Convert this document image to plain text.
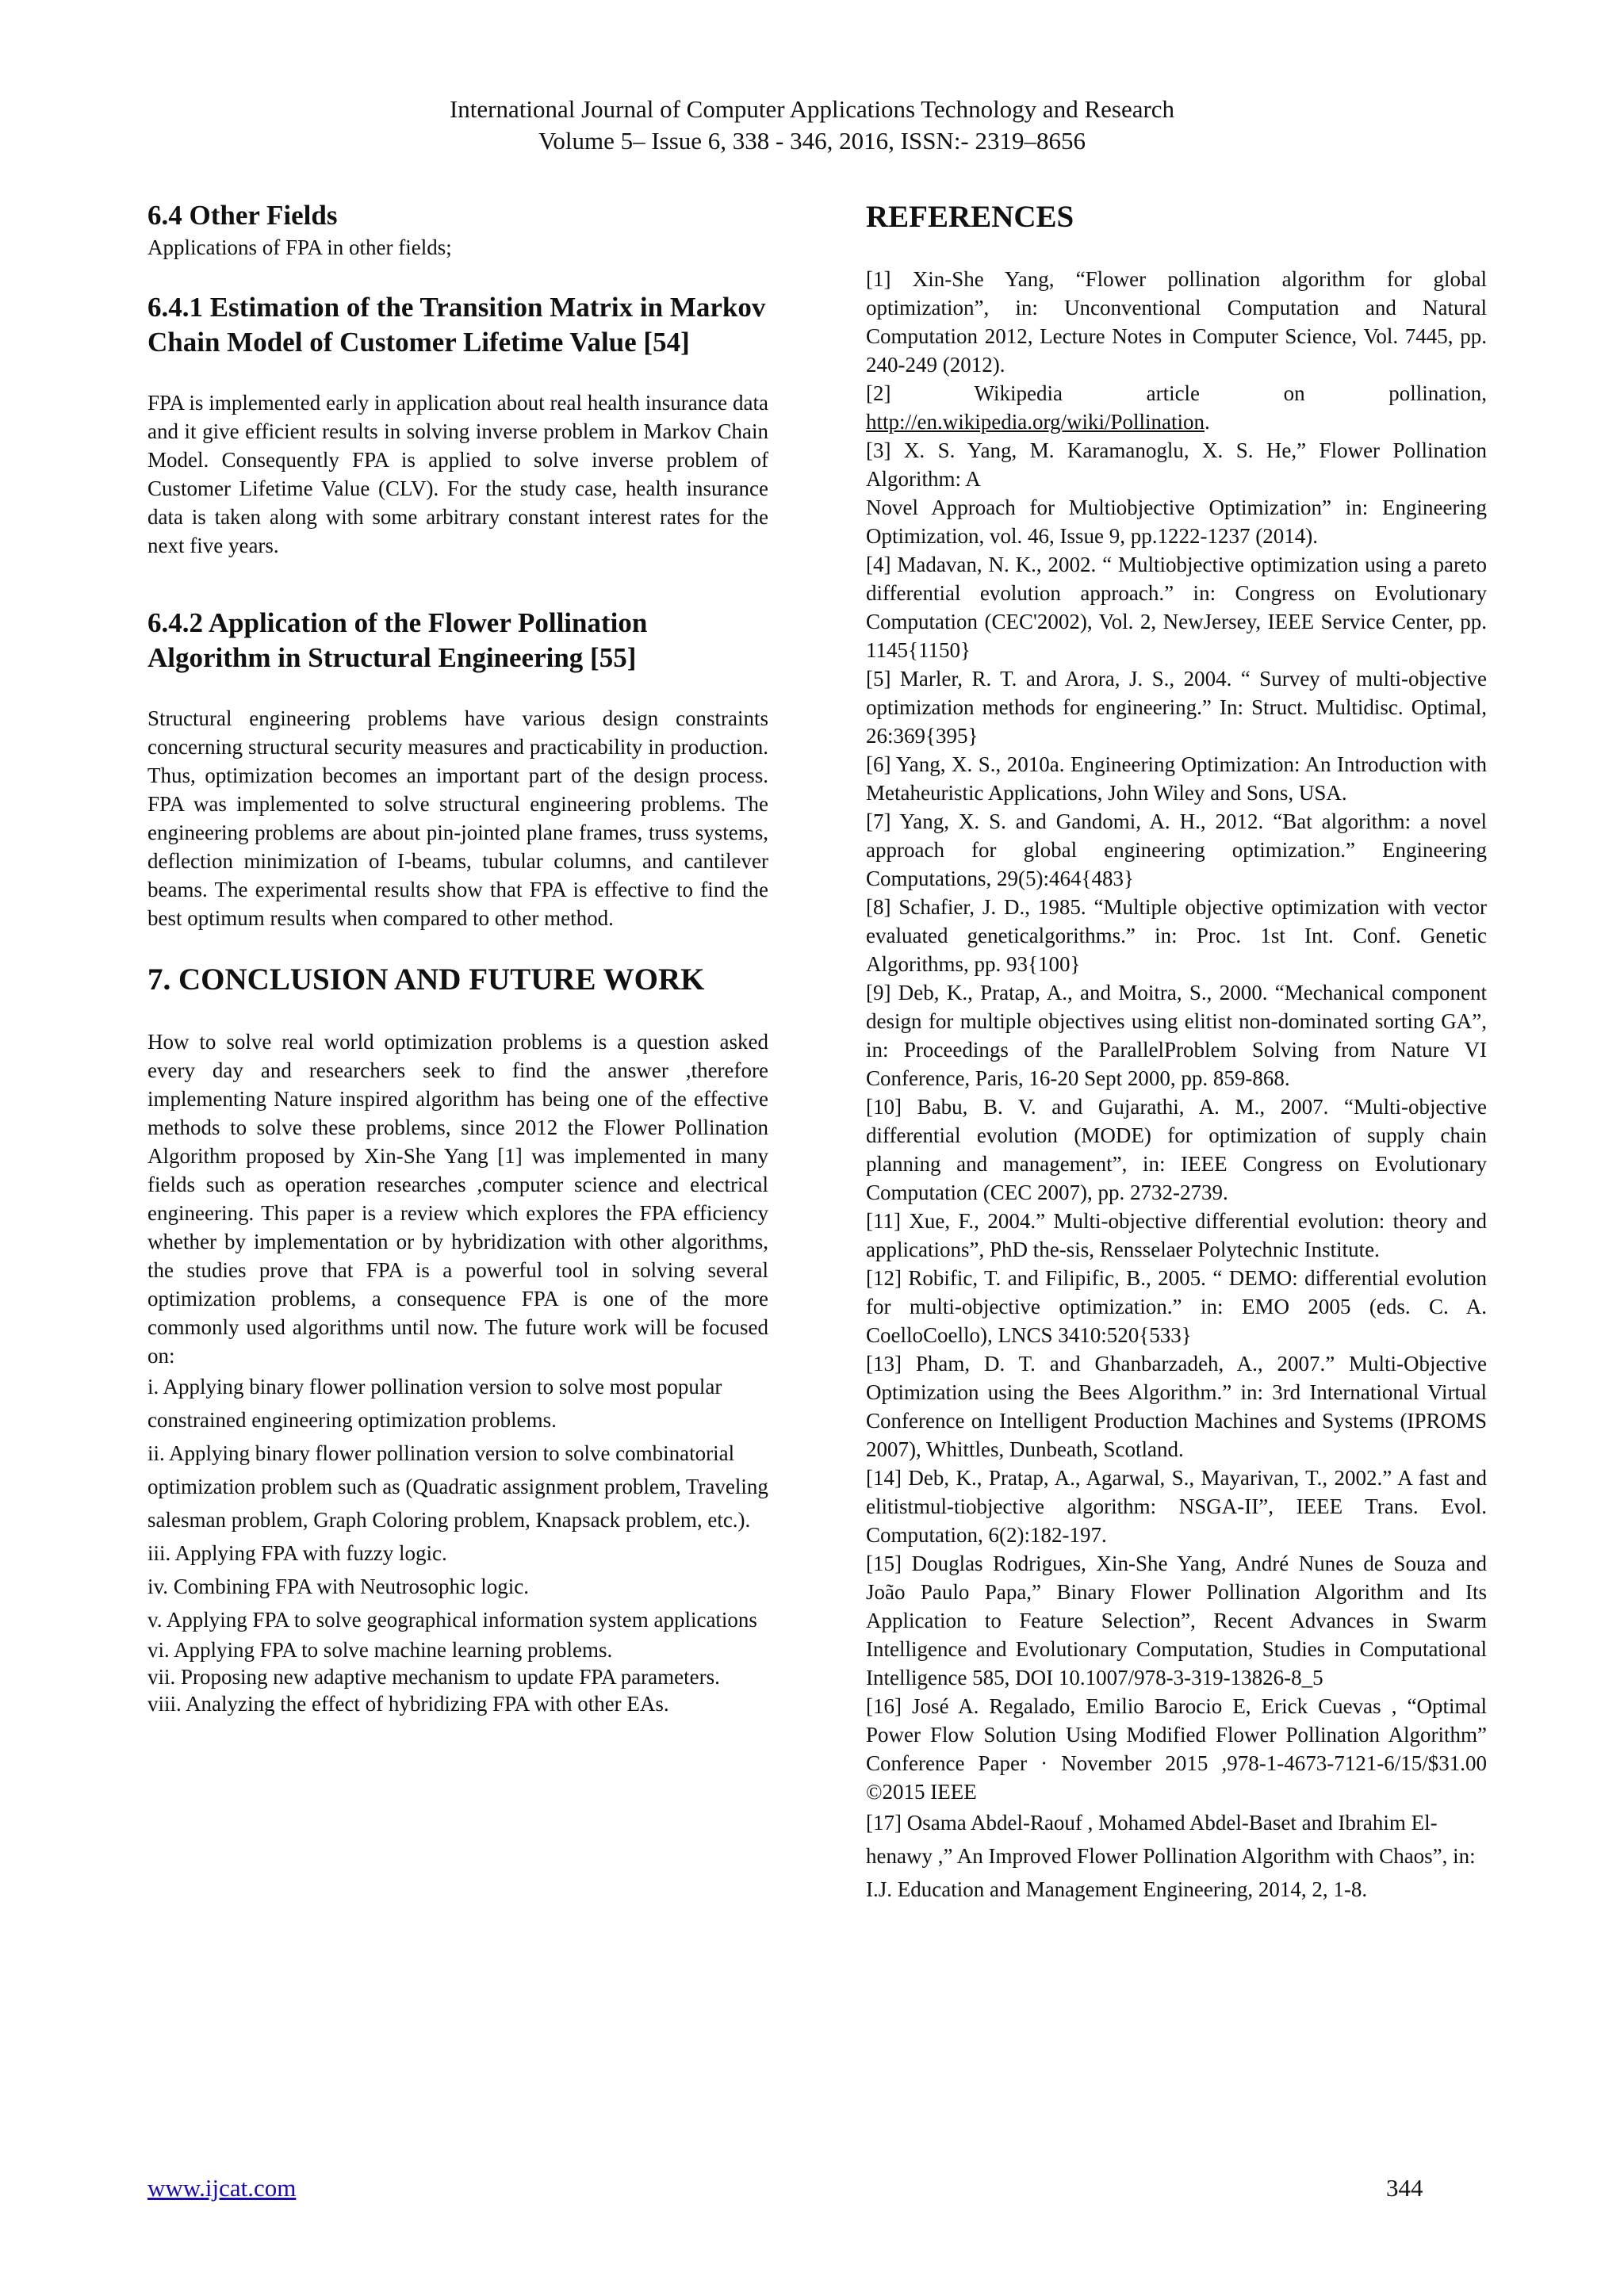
International Journal of Computer Applications Technology and Research
Volume 5– Issue 6, 338 - 346, 2016, ISSN:- 2319–8656
6.4 Other Fields

Applications of FPA in other fields;

6.4.1 Estimation of the Transition Matrix in Markov Chain Model of Customer Lifetime Value [54]

FPA is implemented early in application about real health insurance data and it give efficient results in solving inverse problem in Markov Chain Model. Consequently FPA is applied to solve inverse problem of Customer Lifetime Value (CLV). For the study case, health insurance data is taken along with some arbitrary constant interest rates for the next five years.

6.4.2 Application of the Flower Pollination Algorithm in Structural Engineering [55]

Structural engineering problems have various design constraints concerning structural security measures and practicability in production. Thus, optimization becomes an important part of the design process. FPA was implemented to solve structural engineering problems. The engineering problems are about pin-jointed plane frames, truss systems, deflection minimization of I-beams, tubular columns, and cantilever beams. The experimental results show that FPA is effective to find the best optimum results when compared to other method.

7. CONCLUSION AND FUTURE WORK

How to solve real world optimization problems is a question asked every day and researchers seek to find the answer ,therefore implementing Nature inspired algorithm has being one of the effective methods to solve these problems, since 2012 the Flower Pollination Algorithm proposed by Xin-She Yang [1] was implemented in many fields such as operation researches ,computer science and electrical engineering. This paper is a review which explores the FPA efficiency whether by implementation or by hybridization with other algorithms, the studies prove that FPA is a powerful tool in solving several optimization problems, a consequence FPA is one of the more commonly used algorithms until now. The future work will be focused on:

i. Applying binary flower pollination version to solve most popular constrained engineering optimization problems.
ii. Applying binary flower pollination version to solve combinatorial optimization problem such as (Quadratic assignment problem, Traveling salesman problem, Graph Coloring problem, Knapsack problem, etc.).
iii. Applying FPA with fuzzy logic.
iv. Combining FPA with Neutrosophic logic.
v. Applying FPA to solve geographical information system applications
vi. Applying FPA to solve machine learning problems.
vii. Proposing new adaptive mechanism to update FPA parameters.
viii. Analyzing the effect of hybridizing FPA with other EAs.
REFERENCES
[1] Xin-She Yang, “Flower pollination algorithm for global optimization”, in: Unconventional Computation and Natural Computation 2012, Lecture Notes in Computer Science, Vol. 7445, pp. 240-249 (2012).
[2] Wikipedia article on pollination, http://en.wikipedia.org/wiki/Pollination.
[3] X. S. Yang, M. Karamanoglu, X. S. He,” Flower Pollination Algorithm: A
Novel Approach for Multiobjective Optimization” in: Engineering Optimization, vol. 46, Issue 9, pp.1222-1237 (2014).
[4] Madavan, N. K., 2002. “ Multiobjective optimization using a pareto differential evolution approach.” in: Congress on Evolutionary Computation (CEC'2002), Vol. 2, NewJersey, IEEE Service Center, pp. 1145{1150}
[5] Marler, R. T. and Arora, J. S., 2004. “ Survey of multi-objective optimization methods for engineering.” In: Struct. Multidisc. Optimal, 26:369{395}
[6] Yang, X. S., 2010a. Engineering Optimization: An Introduction with Metaheuristic Applications, John Wiley and Sons, USA.
[7] Yang, X. S. and Gandomi, A. H., 2012. “Bat algorithm: a novel approach for global engineering optimization.” Engineering Computations, 29(5):464{483}
[8] Schafier, J. D., 1985. “Multiple objective optimization with vector evaluated geneticalgorithms.” in: Proc. 1st Int. Conf. Genetic Algorithms, pp. 93{100}
[9] Deb, K., Pratap, A., and Moitra, S., 2000. “Mechanical component design for multiple objectives using elitist non-dominated sorting GA”, in: Proceedings of the ParallelProblem Solving from Nature VI Conference, Paris, 16-20 Sept 2000, pp. 859-868.
[10] Babu, B. V. and Gujarathi, A. M., 2007. “Multi-objective differential evolution (MODE) for optimization of supply chain planning and management”, in: IEEE Congress on Evolutionary Computation (CEC 2007), pp. 2732-2739.
[11] Xue, F., 2004.” Multi-objective differential evolution: theory and applications”, PhD the-sis, Rensselaer Polytechnic Institute.
[12] Robific, T. and Filipific, B., 2005. “ DEMO: differential evolution for multi-objective optimization.” in: EMO 2005 (eds. C. A. CoelloCoello), LNCS 3410:520{533}
[13] Pham, D. T. and Ghanbarzadeh, A., 2007.” Multi-Objective Optimization using the Bees Algorithm.” in: 3rd International Virtual Conference on Intelligent Production Machines and Systems (IPROMS 2007), Whittles, Dunbeath, Scotland.
[14] Deb, K., Pratap, A., Agarwal, S., Mayarivan, T., 2002.” A fast and elitistmul-tiobjective algorithm: NSGA-II”, IEEE Trans. Evol. Computation, 6(2):182-197.
[15] Douglas Rodrigues, Xin-She Yang, André Nunes de Souza and João Paulo Papa,” Binary Flower Pollination Algorithm and Its Application to Feature Selection”, Recent Advances in Swarm Intelligence and Evolutionary Computation, Studies in Computational Intelligence 585, DOI 10.1007/978-3-319-13826-8_5
[16] José A. Regalado, Emilio Barocio E, Erick Cuevas , “Optimal Power Flow Solution Using Modified Flower Pollination Algorithm” Conference Paper · November 2015 ,978-1-4673-7121-6/15/$31.00 ©2015 IEEE
[17] Osama Abdel-Raouf , Mohamed Abdel-Baset and Ibrahim El-henawy ,” An Improved Flower Pollination Algorithm with Chaos”, in: I.J. Education and Management Engineering, 2014, 2, 1-8.
www.ijcat.com	344
